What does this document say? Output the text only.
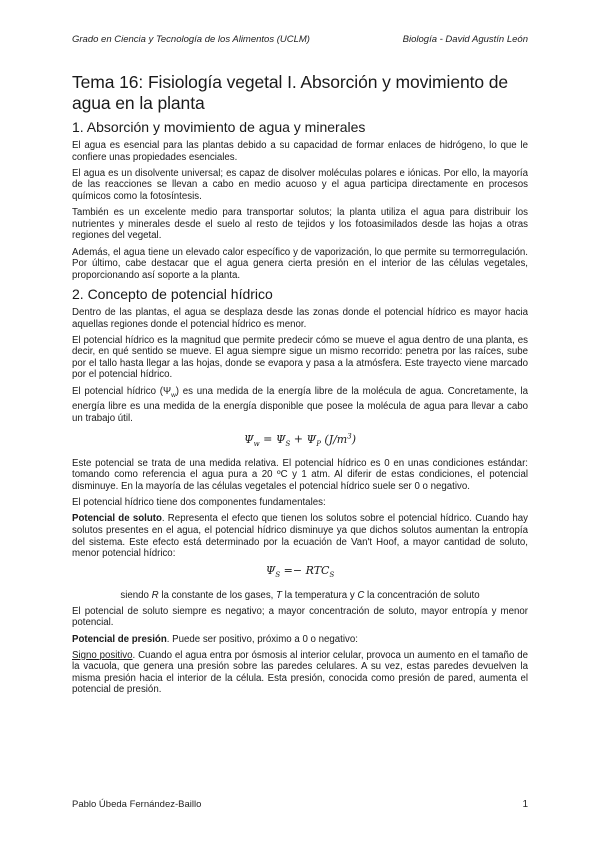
Grado en Ciencia y Tecnología de los Alimentos (UCLM)	Biología - David Agustín León
Tema 16: Fisiología vegetal I. Absorción y movimiento de agua en la planta
1. Absorción y movimiento de agua y minerales

El agua es esencial para las plantas debido a su capacidad de formar enlaces de hidrógeno, lo que le confiere unas propiedades esenciales.

El agua es un disolvente universal; es capaz de disolver moléculas polares e iónicas. Por ello, la mayoría de las reacciones se llevan a cabo en medio acuoso y el agua participa directamente en procesos químicos como la fotosíntesis.

También es un excelente medio para transportar solutos; la planta utiliza el agua para distribuir los nutrientes y minerales desde el suelo al resto de tejidos y los fotoasimilados desde las hojas a otras regiones del vegetal.

Además, el agua tiene un elevado calor específico y de vaporización, lo que permite su termorregulación. Por último, cabe destacar que el agua genera cierta presión en el interior de las células vegetales, proporcionando así soporte a la planta.

2. Concepto de potencial hídrico

Dentro de las plantas, el agua se desplaza desde las zonas donde el potencial hídrico es mayor hacia aquellas regiones donde el potencial hídrico es menor.

El potencial hídrico es la magnitud que permite predecir cómo se mueve el agua dentro de una planta, es decir, en qué sentido se mueve. El agua siempre sigue un mismo recorrido: penetra por las raíces, sube por el tallo hasta llegar a las hojas, donde se evapora y pasa a la atmósfera. Este trayecto viene marcado por el potencial hídrico.

El potencial hídrico $(\Psi_w)$ es una medida de la energía libre de la molécula de agua. Concretamente, la energía libre es una medida de la energía disponible que posee la molécula de agua para llevar a cabo un trabajo útil.

$\Psi_w = \Psi_S + \Psi_P$ $(J/m^3)$

Este potencial se trata de una medida relativa. El potencial hídrico es 0 en unas condiciones estándar: tomando como referencia el agua pura a 20 ºC y 1 atm. Al diferir de estas condiciones, el potencial disminuye. En la mayoría de las células vegetales el potencial hídrico suele ser 0 o negativo.

El potencial hídrico tiene dos componentes fundamentales:

Potencial de soluto. Representa el efecto que tienen los solutos sobre el potencial hídrico. Cuando hay solutos presentes en el agua, el potencial hídrico disminuye ya que dichos solutos aumentan la entropía del sistema. Este efecto está determinado por la ecuación de Van't Hoof, a mayor cantidad de soluto, menor potencial hídrico:

$\Psi_S =- RTC_S$
siendo R la constante de los gases, T la temperatura y C la concentración de soluto

El potencial de soluto siempre es negativo; a mayor concentración de soluto, mayor entropía y menor potencial.

Potencial de presión. Puede ser positivo, próximo a 0 o negativo:

Signo positivo. Cuando el agua entra por ósmosis al interior celular, provoca un aumento en el tamaño de la vacuola, que genera una presión sobre las paredes celulares. A su vez, estas paredes devuelven la misma presión hacia el interior de la célula. Esta presión, conocida como presión de pared, aumenta el potencial de presión.

Pablo Úbeda Fernández-Baillo	1
